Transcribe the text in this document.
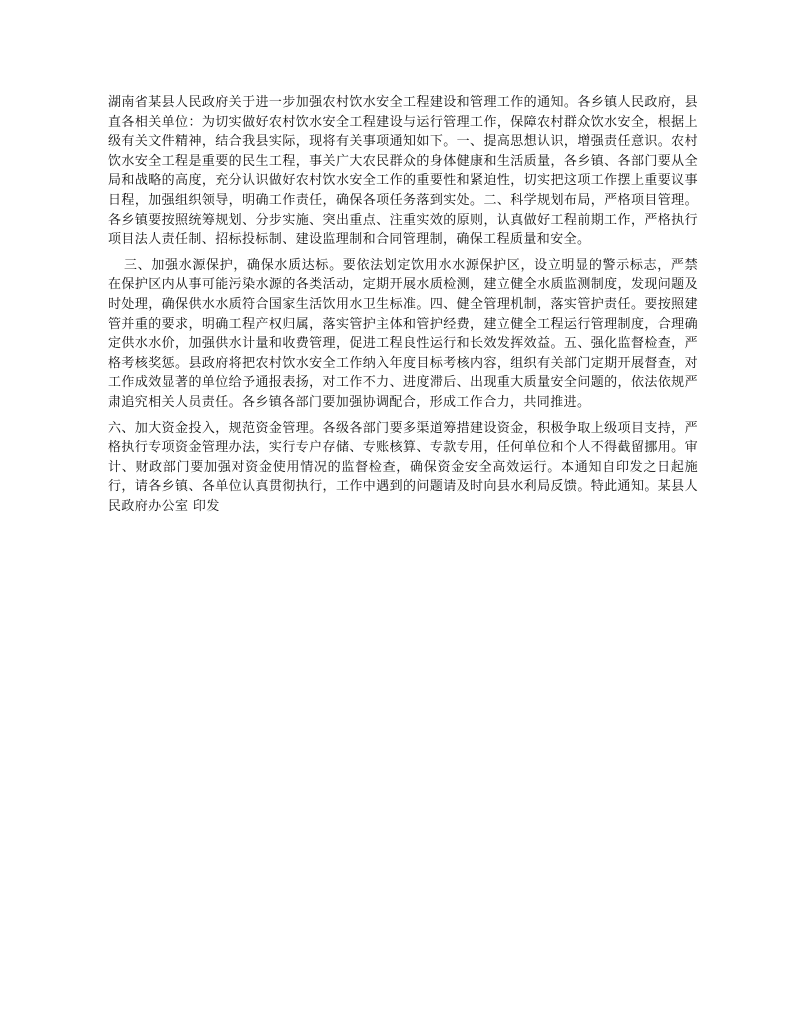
湖南省某县人民政府关于进一步加强农村饮水安全工程建设和管理工作的通知。各乡镇人民政府，县直各相关单位：为切实做好农村饮水安全工程建设与运行管理工作，保障农村群众饮水安全，根据上级有关文件精神，结合我县实际，现将有关事项通知如下。一、提高思想认识，增强责任意识。农村饮水安全工程是重要的民生工程，事关广大农民群众的身体健康和生活质量，各乡镇、各部门要从全局和战略的高度，充分认识做好农村饮水安全工作的重要性和紧迫性，切实把这项工作摆上重要议事日程，加强组织领导，明确工作责任，确保各项任务落到实处。二、科学规划布局，严格项目管理。各乡镇要按照统筹规划、分步实施、突出重点、注重实效的原则，认真做好工程前期工作，严格执行项目法人责任制、招标投标制、建设监理制和合同管理制，确保工程质量和安全。

三、加强水源保护，确保水质达标。要依法划定饮用水水源保护区，设立明显的警示标志，严禁在保护区内从事可能污染水源的各类活动，定期开展水质检测，建立健全水质监测制度，发现问题及时处理，确保供水水质符合国家生活饮用水卫生标准。四、健全管理机制，落实管护责任。要按照建管并重的要求，明确工程产权归属，落实管护主体和管护经费，建立健全工程运行管理制度，合理确定供水水价，加强供水计量和收费管理，促进工程良性运行和长效发挥效益。五、强化监督检查，严格考核奖惩。县政府将把农村饮水安全工作纳入年度目标考核内容，组织有关部门定期开展督查，对工作成效显著的单位给予通报表扬，对工作不力、进度滞后、出现重大质量安全问题的，依法依规严肃追究相关人员责任。各乡镇各部门要加强协调配合，形成工作合力，共同推进。

六、加大资金投入，规范资金管理。各级各部门要多渠道筹措建设资金，积极争取上级项目支持，严格执行专项资金管理办法，实行专户存储、专账核算、专款专用，任何单位和个人不得截留挪用。审计、财政部门要加强对资金使用情况的监督检查，确保资金安全高效运行。本通知自印发之日起施行，请各乡镇、各单位认真贯彻执行，工作中遇到的问题请及时向县水利局反馈。特此通知。某县人民政府办公室 印发
